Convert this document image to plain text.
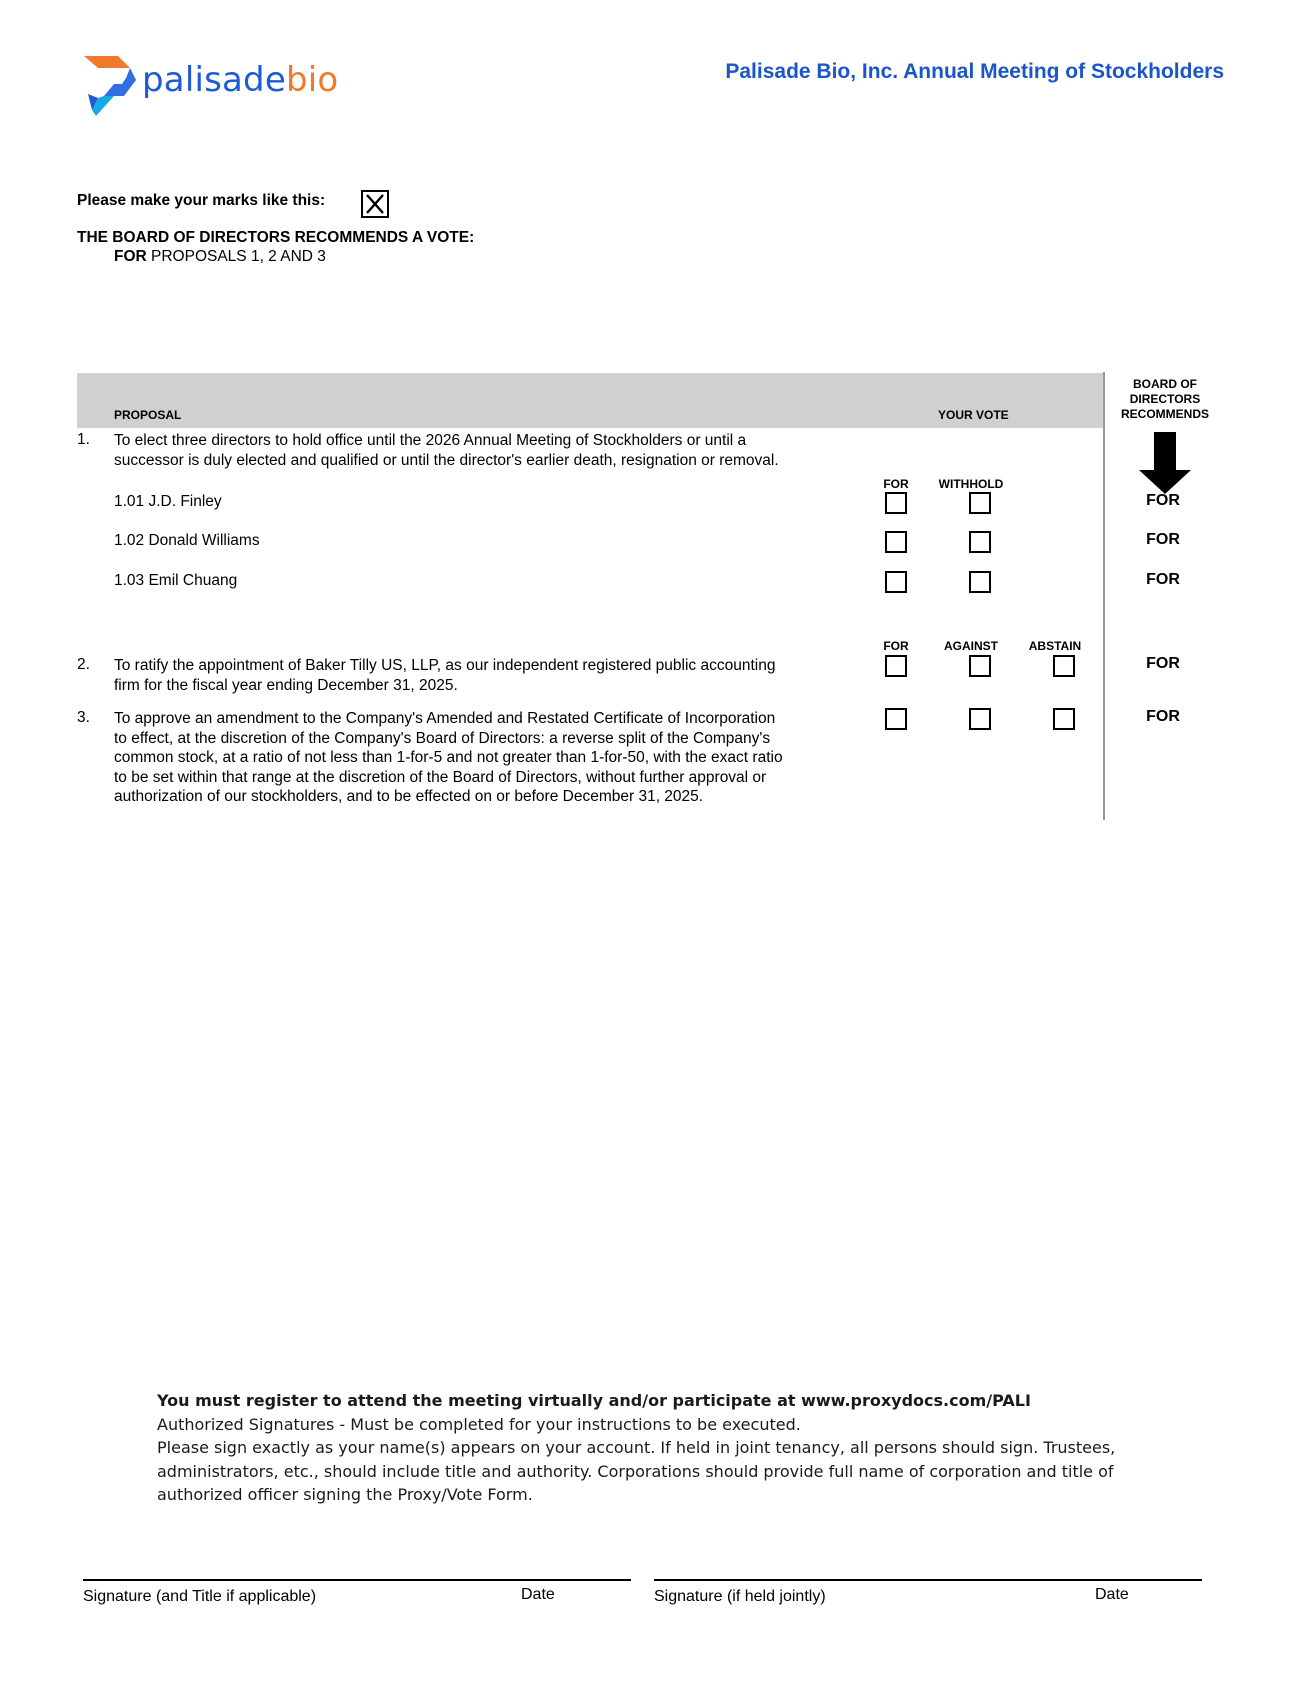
palisadebio	Palisade Bio, Inc. Annual Meeting of Stockholders
Please make your marks like this:
THE BOARD OF DIRECTORS RECOMMENDS A VOTE:
FOR PROPOSALS 1, 2 AND 3
PROPOSAL	YOUR VOTE
BOARD OF
DIRECTORS
RECOMMENDS
1. To elect three directors to hold office until the 2026 Annual Meeting of Stockholders or until a
successor is duly elected and qualified or until the director's earlier death, resignation or removal.
FOR	WITHHOLD
1.01 J.D. Finley	FOR
1.02 Donald Williams	FOR
1.03 Emil Chuang	FOR
FOR	AGAINST	ABSTAIN
2. To ratify the appointment of Baker Tilly US, LLP, as our independent registered public accounting
firm for the fiscal year ending December 31, 2025.
FOR
3. To approve an amendment to the Company's Amended and Restated Certificate of Incorporation
to effect, at the discretion of the Company's Board of Directors: a reverse split of the Company's
common stock, at a ratio of not less than 1-for-5 and not greater than 1-for-50, with the exact ratio
to be set within that range at the discretion of the Board of Directors, without further approval or
authorization of our stockholders, and to be effected on or before December 31, 2025.
FOR
You must register to attend the meeting virtually and/or participate at www.proxydocs.com/PALI
Authorized Signatures - Must be completed for your instructions to be executed.
Please sign exactly as your name(s) appears on your account. If held in joint tenancy, all persons should sign. Trustees,
administrators, etc., should include title and authority. Corporations should provide full name of corporation and title of
authorized officer signing the Proxy/Vote Form.
Signature (and Title if applicable)	Date	Signature (if held jointly)	Date
